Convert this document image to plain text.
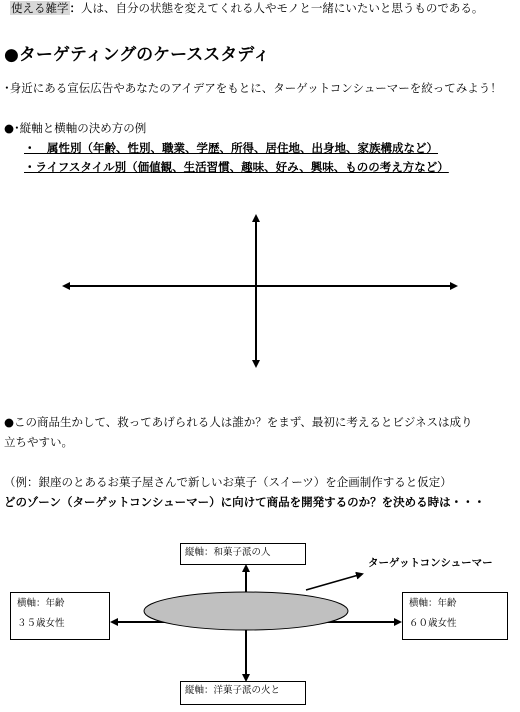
使える雑学：人は、自分の状態を変えてくれる人やモノと一緒にいたいと思うものである。
●ターゲティングのケーススタディ
･身近にある宣伝広告やあなたのアイデアをもとに、ターゲットコンシューマーを絞ってみよう！
●･縦軸と横軸の決め方の例
・　属性別（年齢、性別、職業、学歴、所得、居住地、出身地、家族構成など）
・ライフスタイル別（価値観、生活習慣、趣味、好み、興味、ものの考え方など）
●この商品生かして、救ってあげられる人は誰か？をまず、最初に考えるとビジネスは成り
立ちやすい。
（例：銀座のとあるお菓子屋さんで新しいお菓子（スイーツ）を企画制作すると仮定）
どのゾーン（ターゲットコンシューマー）に向けて商品を開発するのか？を決める時は・・・
縦軸：和菓子派の人
縦軸：洋菓子派の火と
横軸：年齢
３５歳女性
横軸：年齢
６０歳女性
ターゲットコンシューマー
